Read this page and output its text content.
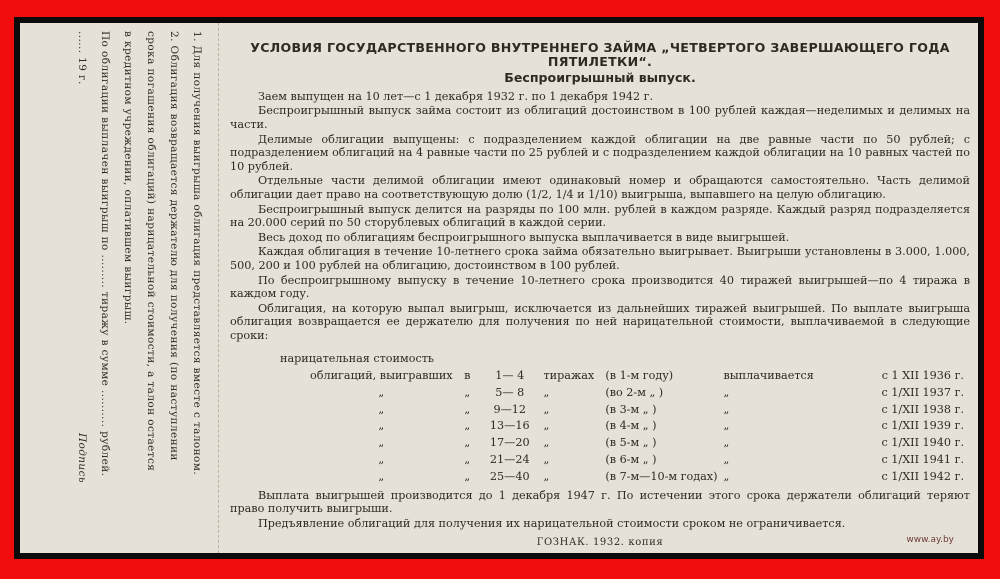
1. Для получения выигрыша облигация представляется вместе с талоном.

2. Облигация возвращается держателю для получения (по наступлении

срока погашения облигаций) нарицательной стоимости, а талон остается

в кредитном учреждении, оплатившем выигрыш.

По облигации выплачен выигрыш по ......... тиражу в сумме .......... рублей.

...... 19 г.
Подпись

УСЛОВИЯ ГОСУДАРСТВЕННОГО ВНУТРЕННЕГО ЗАЙМА „ЧЕТВЕРТОГО ЗАВЕРШАЮЩЕГО ГОДА ПЯТИЛЕТКИ“.

Беспроигрышный выпуск.

Заем выпущен на 10 лет—с 1 декабря 1932 г. по 1 декабря 1942 г.

Беспроигрышный выпуск займа состоит из облигаций достоинством в 100 рублей каждая—неделимых и делимых на части.

Делимые облигации выпущены: с подразделением каждой облигации на две равные части по 50 рублей; с подразделением облигаций на 4 равные части по 25 рублей и с подразделением каждой облигации на 10 равных частей по 10 рублей.

Отдельные части делимой облигации имеют одинаковый номер и обращаются самостоятельно. Часть делимой облигации дает право на соответствующую долю (1/2, 1/4 и 1/10) выигрыша, выпавшего на целую облигацию.

Беспроигрышный выпуск делится на разряды по 100 млн. рублей в каждом разряде. Каждый разряд подразделяется на 20.000 серий по 50 сторублевых облигаций в каждой серии.

Весь доход по облигациям беспроигрышного выпуска выплачивается в виде выигрышей.

Каждая облигация в течение 10-летнего срока займа обязательно выигрывает. Выигрыши установлены в 3.000, 1.000, 500, 200 и 100 рублей на облигацию, достоинством в 100 рублей.

По беспроигрышному выпуску в течение 10-летнего срока производится 40 тиражей выигрышей—по 4 тиража в каждом году.

Облигация, на которую выпал выигрыш, исключается из дальнейших тиражей выигрышей. По выплате выигрыша облигация возвращается ее держателю для получения по ней нарицательной стоимости, выплачиваемой в следующие сроки:

нарицательная стоимость

облигаций, выигравших	в	1— 4	тиражах	(в 1-м году)	выплачивается	с 1 XII 1936 г.
„	„	5— 8	„	(во 2-м „ )	„	с 1/XII 1937 г.
„	„	9—12	„	(в 3-м „ )	„	с 1/XII 1938 г.
„	„	13—16	„	(в 4-м „ )	„	с 1/XII 1939 г.
„	„	17—20	„	(в 5-м „ )	„	с 1/XII 1940 г.
„	„	21—24	„	(в 6-м „ )	„	с 1/XII 1941 г.
„	„	25—40	„	(в 7-м—10-м годах)	„	с 1/XII 1942 г.

Выплата выигрышей производится до 1 декабря 1947 г. По истечении этого срока держатели облигаций теряют право получить выигрыши.

Предъявление облигаций для получения их нарицательной стоимости сроком не ограничивается.

ГОЗНАК. 1932. копия	www.ay.by
